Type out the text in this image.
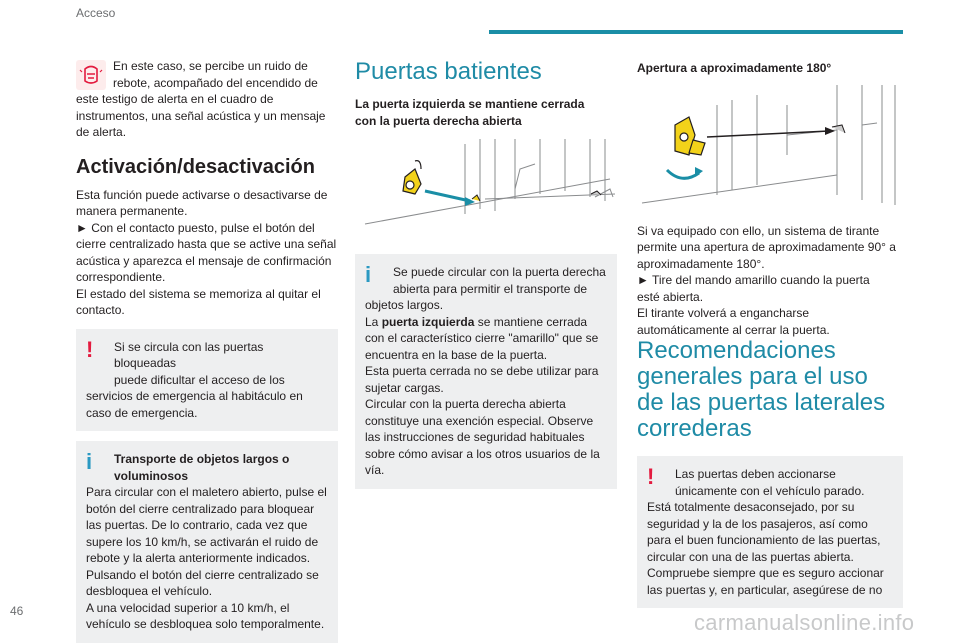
Acceso

En este caso, se percibe un ruido de

rebote, acompañado del encendido de

este testigo de alerta en el cuadro de

instrumentos, una señal acústica y un mensaje

de alerta.

Activación/desactivación

Esta función puede activarse o desactivarse de

manera permanente.

► Con el contacto puesto, pulse el botón del

cierre centralizado hasta que se active una señal

acústica y aparezca el mensaje de confirmación

correspondiente.

El estado del sistema se memoriza al quitar el

contacto.

!	Si se circula con las puertas bloqueadas

puede dificultar el acceso de los

servicios de emergencia al habitáculo en

caso de emergencia.

i	Transporte de objetos largos o

voluminosos

Para circular con el maletero abierto, pulse el

botón del cierre centralizado para bloquear

las puertas. De lo contrario, cada vez que

supere los 10 km/h, se activarán el ruido de

rebote y la alerta anteriormente indicados.

Pulsando el botón del cierre centralizado se

desbloquea el vehículo.

A una velocidad superior a 10 km/h, el

vehículo se desbloquea solo temporalmente.

Puertas batientes

La puerta izquierda se mantiene cerrada

con la puerta derecha abierta

i	Se puede circular con la puerta derecha

abierta para permitir el transporte de

objetos largos.

La puerta izquierda se mantiene cerrada

con el característico cierre "amarillo" que se

encuentra en la base de la puerta.

Esta puerta cerrada no se debe utilizar para

sujetar cargas.

Circular con la puerta derecha abierta

constituye una exención especial. Observe

las instrucciones de seguridad habituales

sobre cómo avisar a los otros usuarios de la

vía.

Apertura a aproximadamente 180°

Si va equipado con ello, un sistema de tirante

permite una apertura de aproximadamente 90° a

aproximadamente 180°.

► Tire del mando amarillo cuando la puerta

esté abierta.

El tirante volverá a engancharse

automáticamente al cerrar la puerta.

Recomendaciones
generales para el uso
de las puertas laterales
correderas
!	Las puertas deben accionarse

únicamente con el vehículo parado.

Está totalmente desaconsejado, por su

seguridad y la de los pasajeros, así como

para el buen funcionamiento de las puertas,

circular con una de las puertas abierta.

Compruebe siempre que es seguro accionar

las puertas y, en particular, asegúrese de no

46	carmanualsonline.info
